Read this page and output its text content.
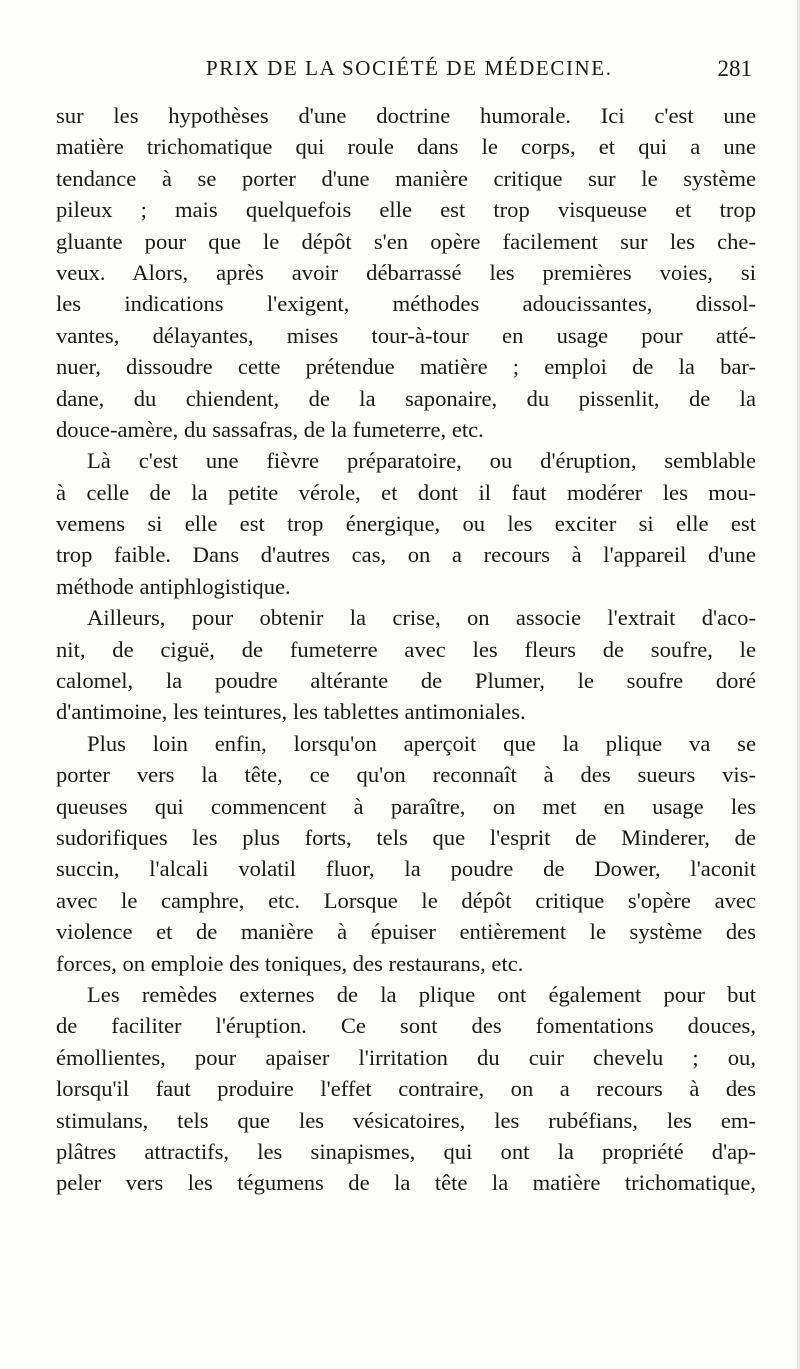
PRIX DE LA SOCIÉTÉ DE MÉDECINE.	281
sur les hypothèses d'une doctrine humorale. Ici c'est une
matière trichomatique qui roule dans le corps, et qui a une
tendance à se porter d'une manière critique sur le système
pileux ; mais quelquefois elle est trop visqueuse et trop
gluante pour que le dépôt s'en opère facilement sur les che-
veux. Alors, après avoir débarrassé les premières voies, si
les indications l'exigent, méthodes adoucissantes, dissol-
vantes, délayantes, mises tour-à-tour en usage pour atté-
nuer, dissoudre cette prétendue matière ; emploi de la bar-
dane, du chiendent, de la saponaire, du pissenlit, de la
douce-amère, du sassafras, de la fumeterre, etc.
Là c'est une fièvre préparatoire, ou d'éruption, semblable
à celle de la petite vérole, et dont il faut modérer les mou-
vemens si elle est trop énergique, ou les exciter si elle est
trop faible. Dans d'autres cas, on a recours à l'appareil d'une
méthode antiphlogistique.
Ailleurs, pour obtenir la crise, on associe l'extrait d'aco-
nit, de ciguë, de fumeterre avec les fleurs de soufre, le
calomel, la poudre altérante de Plumer, le soufre doré
d'antimoine, les teintures, les tablettes antimoniales.
Plus loin enfin, lorsqu'on aperçoit que la plique va se
porter vers la tête, ce qu'on reconnaît à des sueurs vis-
queuses qui commencent à paraître, on met en usage les
sudorifiques les plus forts, tels que l'esprit de Minderer, de
succin, l'alcali volatil fluor, la poudre de Dower, l'aconit
avec le camphre, etc. Lorsque le dépôt critique s'opère avec
violence et de manière à épuiser entièrement le système des
forces, on emploie des toniques, des restaurans, etc.
Les remèdes externes de la plique ont également pour but
de faciliter l'éruption. Ce sont des fomentations douces,
émollientes, pour apaiser l'irritation du cuir chevelu ; ou,
lorsqu'il faut produire l'effet contraire, on a recours à des
stimulans, tels que les vésicatoires, les rubéfians, les em-
plâtres attractifs, les sinapismes, qui ont la propriété d'ap-
peler vers les tégumens de la tête la matière trichomatique,
